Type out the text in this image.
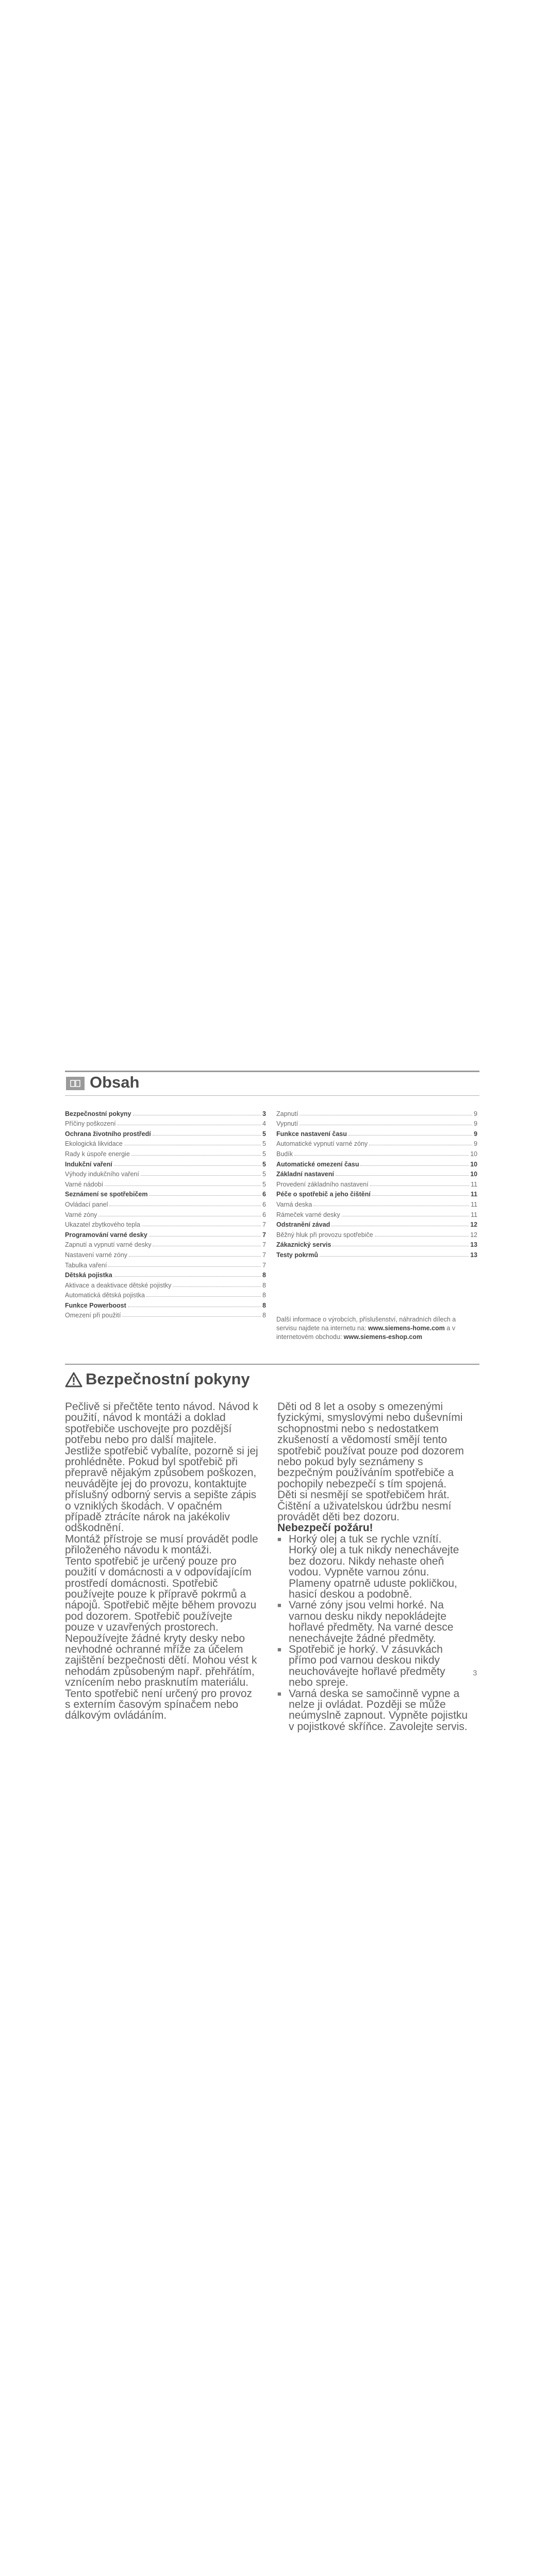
Obsah
Bezpečnostní pokyny	3
Příčiny poškození	4
Ochrana životního prostředí	5
Ekologická likvidace	5
Rady k úspoře energie	5
Indukční vaření	5
Výhody indukčního vaření	5
Varné nádobí	5
Seznámení se spotřebičem	6
Ovládací panel	6
Varné zóny	6
Ukazatel zbytkového tepla	7
Programování varné desky	7
Zapnutí a vypnutí varné desky	7
Nastavení varné zóny	7
Tabulka vaření	7
Dětská pojistka	8
Aktivace a deaktivace dětské pojistky	8
Automatická dětská pojistka	8
Funkce Powerboost	8
Omezení při použití	8
Zapnutí	9
Vypnutí	9
Funkce nastavení času	9
Automatické vypnutí varné zóny	9
Budík	10
Automatické omezení času	10
Základní nastavení	10
Provedení základního nastavení	11
Péče o spotřebič a jeho čištění	11
Varná deska	11
Rámeček varné desky	11
Odstranění závad	12
Běžný hluk při provozu spotřebiče	12
Zákaznický servis	13
Testy pokrmů	13
Další informace o výrobcích, příslušenství, náhradních dílech a servisu najdete na internetu na: www.siemens-home.com a v internetovém obchodu: www.siemens-eshop.com
Bezpečnostní pokyny

Pečlivě si přečtěte tento návod. Návod k použití, návod k montáži a doklad spotřebiče uschovejte pro pozdější potřebu nebo pro další majitele.

Jestliže spotřebič vybalíte, pozorně si jej prohlédněte. Pokud byl spotřebič při přepravě nějakým způsobem poškozen, neuvádějte jej do provozu, kontaktujte příslušný odborný servis a sepište zápis o vzniklých škodách. V opačném případě ztrácíte nárok na jakékoliv odškodnění.

Montáž přístroje se musí provádět podle přiloženého návodu k montáži.

Tento spotřebič je určený pouze pro použití v domácnosti a v odpovídajícím prostředí domácnosti. Spotřebič používejte pouze k přípravě pokrmů a nápojů. Spotřebič mějte během provozu pod dozorem. Spotřebič používejte pouze v uzavřených prostorech.

Nepoužívejte žádné kryty desky nebo nevhodné ochranné mříže za účelem zajištění bezpečnosti dětí. Mohou vést k nehodám způsobeným např. přehřátím, vznícením nebo prasknutím materiálu.

Tento spotřebič není určený pro provoz s externím časovým spínačem nebo dálkovým ovládáním.

Děti od 8 let a osoby s omezenými fyzickými, smyslovými nebo duševními schopnostmi nebo s nedostatkem zkušeností a vědomostí smějí tento spotřebič používat pouze pod dozorem nebo pokud byly seznámeny s bezpečným používáním spotřebiče a pochopily nebezpečí s tím spojená.

Děti si nesmějí se spotřebičem hrát. Čištění a uživatelskou údržbu nesmí provádět děti bez dozoru.

Nebezpečí požáru!
■ Horký olej a tuk se rychle vznítí. Horký olej a tuk nikdy nenechávejte bez dozoru. Nikdy nehaste oheň vodou. Vypněte varnou zónu. Plameny opatrně uduste pokličkou, hasicí deskou a podobně.
■ Varné zóny jsou velmi horké. Na varnou desku nikdy nepokládejte hořlavé předměty. Na varné desce nenechávejte žádné předměty.
■ Spotřebič je horký. V zásuvkách přímo pod varnou deskou nikdy neuchovávejte hořlavé předměty nebo spreje.
■ Varná deska se samočinně vypne a nelze ji ovládat. Později se může neúmyslně zapnout. Vypněte pojistku v pojistkové skříňce. Zavolejte servis.
3
